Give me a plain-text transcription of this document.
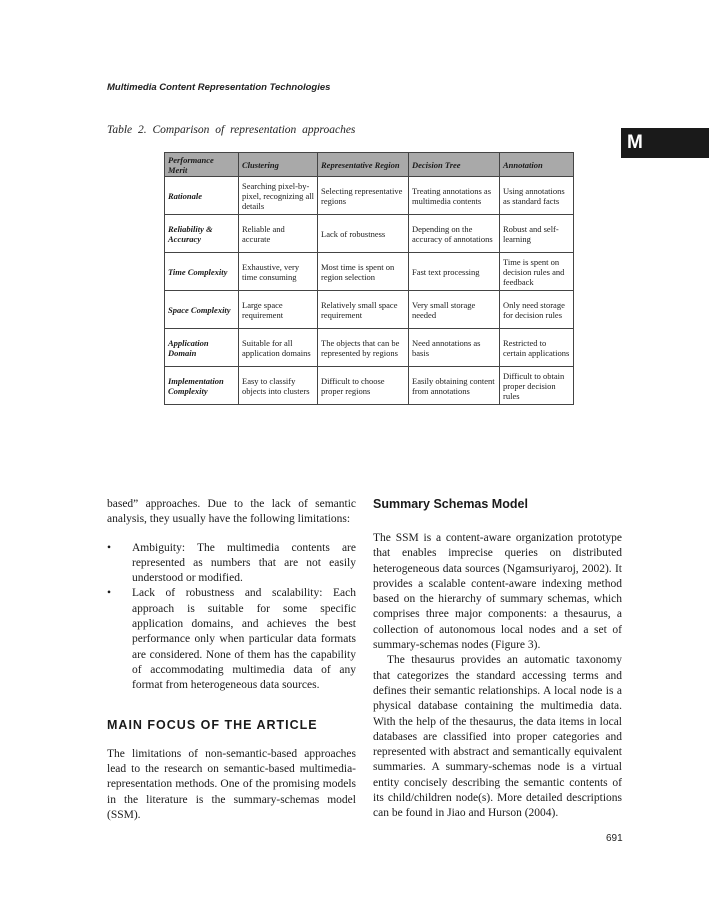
Multimedia Content Representation Technologies
M
Table 2. Comparison of representation approaches
Performance Merit	Clustering	Representative Region	Decision Tree	Annotation
Rationale	Searching pixel-by-pixel, recognizing all details	Selecting representative regions	Treating annotations as multimedia contents	Using annotations as standard facts
Reliability & Accuracy	Reliable and accurate	Lack of robustness	Depending on the accuracy of annotations	Robust and self-learning
Time Complexity	Exhaustive, very time consuming	Most time is spent on region selection	Fast text processing	Time is spent on decision rules and feedback
Space Complexity	Large space requirement	Relatively small space requirement	Very small storage needed	Only need storage for decision rules
Application Domain	Suitable for all application domains	The objects that can be represented by regions	Need annotations as basis	Restricted to certain applications
Implementation Complexity	Easy to classify objects into clusters	Difficult to choose proper regions	Easily obtaining content from annotations	Difficult to obtain proper decision rules

based” approaches. Due to the lack of semantic analysis, they usually have the following limitations:

• Ambiguity: The multimedia contents are represented as numbers that are not easily understood or modified.
• Lack of robustness and scalability: Each approach is suitable for some specific application domains, and achieves the best performance only when particular data formats are considered. None of them has the capability of accommodating multimedia data of any format from heterogeneous data sources.
MAIN FOCUS OF THE ARTICLE

The limitations of non-semantic-based approaches lead to the research on semantic-based multimedia-representation methods. One of the promising models in the literature is the summary-schemas model (SSM).

Summary Schemas Model

The SSM is a content-aware organization prototype that enables imprecise queries on distributed heterogeneous data sources (Ngamsuriyaroj, 2002). It provides a scalable content-aware indexing method based on the hierarchy of summary schemas, which comprises three major components: a thesaurus, a collection of autonomous local nodes and a set of summary-schemas nodes (Figure 3).

The thesaurus provides an automatic taxonomy that categorizes the standard accessing terms and defines their semantic relationships. A local node is a physical database containing the multimedia data. With the help of the thesaurus, the data items in local databases are classified into proper categories and represented with abstract and semantically equivalent summaries. A summary-schemas node is a virtual entity concisely describing the semantic contents of its child/children node(s). More detailed descriptions can be found in Jiao and Hurson (2004).

691
